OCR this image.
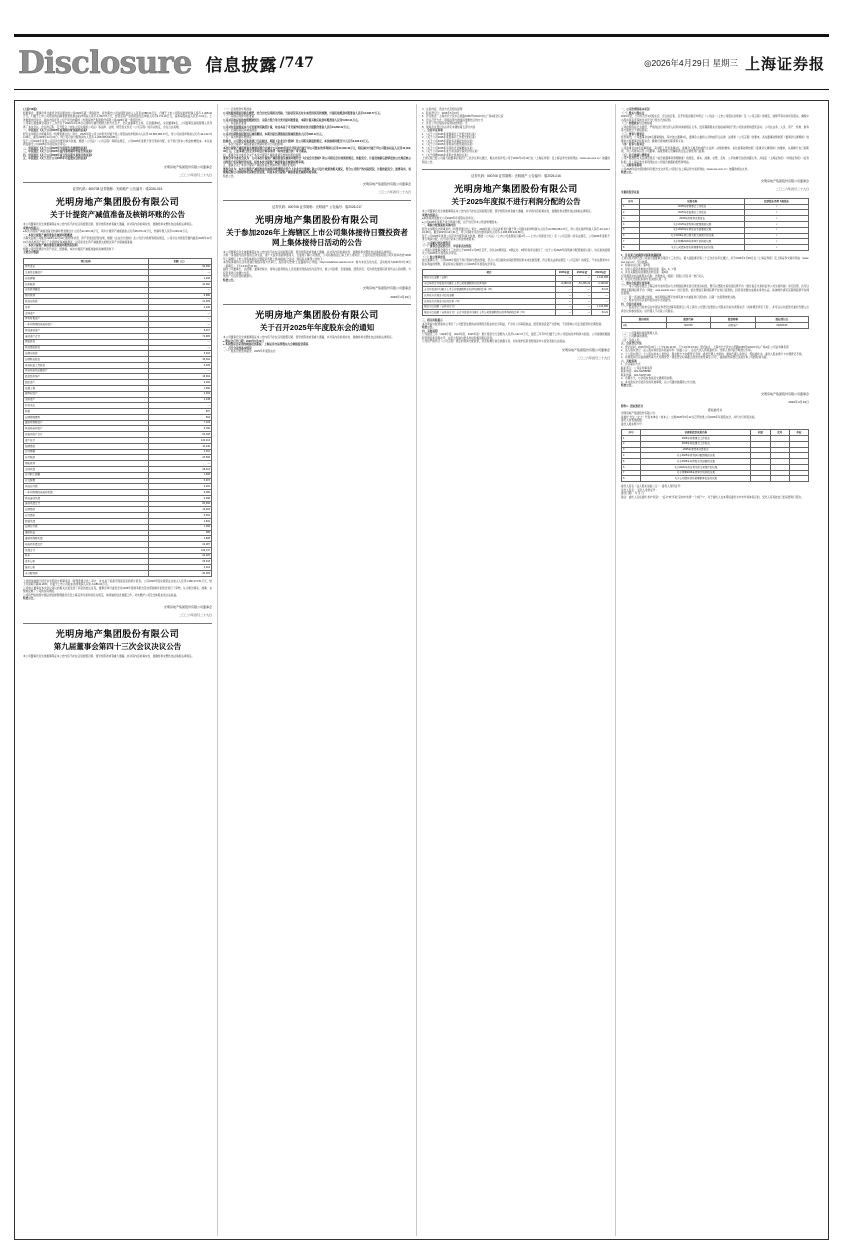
Disclosure 信息披露 /747	◎2026年4月29日 星期三 上海证券报
(上接746版)
经董事会、董事会审计委员会审议通过的公司2026年第一季度报告，报告期内公司实现营业收入人民币4,088.23万元，归属于上市公司股东的净利润人民币-1,268.42万元，归属于上市公司股东的扣除非经常性损益的净利润人民币-1,352.67万元，经营活动产生的现金流量净额人民币3,771.20万元，基本每股收益人民币-0.01元。上述数据未经审计，具体内容详见公司于同日披露的《光明房地产集团股份有限公司2026年第一季度报告》。
公司第九届董事会第四十三次会议于2026年4月28日以现场与通讯相结合的方式召开，会议由董事长主持，应到董事9名，实到董事9名，公司监事及高级管理人员列席了本次会议。会议的召集、召开符合《中华人民共和国公司法》等法律、法规、规范性文件及《公司章程》的有关规定，会议合法有效。
一、审议通过《关于公司2025年度利润分配预案的议案》
经安永华明会计师事务所（特殊普通合伙）审计，2025年度公司合并报表归属于母公司股东的净利润为人民币-62,860,384.37元，母公司实现净利润人民币-32,132,724.28元，截至2025年12月31日，母公司可供分配利润为人民币-1,208,305,944.86元。
鉴于公司2025年度母公司可供分配利润为负数，根据《公司法》《公司章程》等相关规定，公司2025年度拟不进行利润分配，也不进行资本公积金转增股本。本议案尚需提交公司2025年年度股东会审议。
二、审议通过《关于公司2025年年度报告及摘要的议案》
三、审议通过《关于公司2025年度内部控制评价报告的议案》
四、审议通过《关于公司2026年度日常关联交易预计的议案》
五、审议通过《关于召开公司2025年年度股东会的议案》
光明房地产集团股份有限公司董事会
二〇二六年四月二十九日
证券代码：600708 证券简称：光明地产 公告编号：临2026-015
光明房地产集团股份有限公司
关于计提资产减值准备及核销坏账的公告
本公司董事会及全体董事保证本公告内容不存在任何虚假记载、误导性陈述或者重大遗漏，并对其内容的真实性、准确性和完整性依法承担法律责任。
重要内容提示：
●本次计提资产减值准备及核销坏账金额合计人民币42,309.46万元，其中计提资产减值准备人民币38,970.22万元，核销坏账人民币3,339.24万元。
一、本次计提资产减值准备及核销坏账概述
为真实反映公司截至2025年12月31日的财务状况、资产价值及经营成果，根据《企业会计准则》及公司会计政策等相关规定，公司对合并报表范围内截至2025年12月31日的各类资产进行了全面清查和减值测试，对可能发生资产减值损失的相关资产计提减值准备。
二、本次计提资产减值准备及核销坏账情况说明
根据公司经营情况与资产状况，经测算，本次计提资产减值准备的具体情况如下：
主要会计数据
项目名称	金额（元）
货币资金	62,450
交易性金融资产	—
应收票据	1,208
应收账款	44,063
应收款项融资	—
预付款项	6,890
其他应收款	21,455
存货	4,230
合同资产	—
持有待售资产	—
一年内到期的非流动资产	—
其他流动资产	8,017
流动资产合计	71,905
债权投资	—
其他债权投资	—
长期应收款	5,018
长期股权投资	45,610
其他权益工具投资	3,206
其他非流动金融资产	—
投资性房地产	16,904
固定资产	9,002
在建工程	1,660
使用权资产	2,015
无形资产	1,138
开发支出	—
商誉	607
长期待摊费用	803
递延所得税资产	7,102
其他非流动资产	5,160
非流动资产合计	62,308
资产总计	134,213
短期借款	10,440
应付票据	3,012
应付账款	20,506
预收款项	—
合同负债	28,613
应付职工薪酬	1,806
应交税费	3,007
其他应付款	6,202
一年内到期的非流动负债	9,066
其他流动负债	2,008
流动负债合计	84,660
长期借款	12,003
应付债券	5,004
租赁负债	1,832
长期应付款	1,060
递延收益	380
递延所得税负债	1,808
非流动负债合计	22,087
负债合计	106,747
股本	22,322
资本公积	25,418
盈余公积	6,013
未分配利润	-30,383
上述财务数据已经安永华明会计师事务所（特殊普通合伙）审计，并出具了标准无保留意见的审计报告。公司2025年度实现营业总收入人民币1,380,172.51万元，较上年同期下降11.26%；归属于上市公司股东的净利润人民币-6,286.04万元。
公司独立董事对本次会议审议的相关议案发表了同意的独立意见，董事会审计委员会对2025年度财务报告及内部控制评价报告进行了审核，认为报告真实、准确、完整地反映了公司的实际情况。
公司将严格按照中国证券监督管理委员会及上海证券交易所的有关规定，持续做好信息披露工作，切实维护公司及全体股东的合法权益。
特此公告。
光明房地产集团股份有限公司董事会
二〇二六年四月二十九日
光明房地产集团股份有限公司
第九届董事会第四十三次会议决议公告
本公司董事会及全体董事保证本公告内容不存在任何虚假记载、误导性陈述或者重大遗漏，并对其内容的真实性、准确性和完整性依法承担法律责任。
（一）应收账款坏账准备
公司按照预期信用损失模型，结合历史信用损失经验、当前状况以及对未来经济状况的预测，计提应收账款坏账准备人民币13,208.77万元。
（二）其他应收款坏账准备
公司对其他应收款按照账龄组合、关联方组合等分类计提坏账准备，本期计提其他应收款坏账准备人民币5,602.31万元。
（三）存货跌价准备
公司对存货按照成本与可变现净值孰低计量，对成本高于可变现净值的存货计提跌价准备人民币19,860.02万元。
（四）长期股权投资减值准备
公司对长期股权投资进行减值测试，本期计提长期股权投资减值准备人民币298.12万元。
（五）本次核销坏账情况
经核查，公司部分应收款项已无法收回，根据《企业会计准则》及公司相关制度的规定，本次核销坏账合计人民币3,339.24万元。
三、本次计提资产减值准备及核销坏账对公司的影响
本次计提资产减值准备及核销坏账合计减少公司2025年度合并报表归属于母公司股东的净利润人民币42,309.46万元，相应减少归属于母公司股东权益人民币42,309.46万元。上述事项已经安永华明会计师事务所（特殊普通合伙）审计确认。
四、董事会审计委员会关于本次计提资产减值准备及核销坏账的说明
董事会审计委员会认为：公司本次计提资产减值准备及核销坏账符合《企业会计准则》和公司相关会计政策的规定，依据充分，计提及核销后能够更加公允地反映公司的资产状况和经营成果，同意本次计提资产减值准备及核销坏账事项。
五、董事会关于本次计提资产减值准备及核销坏账合理性的说明
董事会认为：本次计提资产减值准备及核销坏账遵照并符合《企业会计准则》和公司会计政策的相关规定，符合公司资产的实际情况，计提依据充分，能够真实、客观地反映公司的财务状况和经营成果，同意本次计提资产减值准备及核销坏账事项。
特此公告。
光明房地产集团股份有限公司董事会
二〇二六年四月二十九日
证券代码：600708 证券简称：光明地产 公告编号：临2026-017
光明房地产集团股份有限公司
关于参加2026年上海辖区上市公司集体接待日暨投资者网上集体接待日活动的公告
本公司董事会及全体董事保证本公告内容不存在任何虚假记载、误导性陈述或者重大遗漏，并对其内容的真实性、准确性和完整性依法承担法律责任。
为进一步加强与投资者的互动交流，使广大投资者能够更深入、全面地了解公司情况，公司将参加由上海上市公司协会、上证所信息网络有限公司共同举办的"2026年上海辖区上市公司集体接待日暨投资者网上集体接待日"活动，现将有关事项公告如下：
本次集体接待日活动将通过网络远程方式举行，投资者可登录"上证路演中心"网站（http://roadshow.sseinfo.com/）参与本次互动交流，活动时间为2026年5月15日（星期五）下午13:30至16:30。
届时公司董事长、总经理、董事会秘书、财务总监等相关人员将通过网络在线交流形式，就公司治理、发展战略、经营状况、可持续发展等投资者所关心的问题，与投资者进行沟通与交流。
欢迎广大投资者积极参与。
特此公告。
光明房地产集团股份有限公司董事会
2026年4月29日
光明房地产集团股份有限公司
关于召开2025年年度股东会的通知
本公司董事会及全体董事保证本公告内容不存在任何虚假记载、误导性陈述或者重大遗漏，并对其内容的真实性、准确性和完整性依法承担法律责任。
● 股东会召开日期：2026年5月22日
● 本次股东会采用的网络投票系统：上海证券交易所股东大会网络投票系统
一、召开会议的基本情况
（一）股东会类型和届次：2025年年度股东会
3、议案内容、表决方式及相关说明
4、股权登记日：2026年5月15日
5、会议地点：上海市长宁区中山西路1065号SOHO中山广场A座会议室
6、会议召开方式：现场投票与网络投票相结合的方式
7、涉及公开征集股东投票权的情况：无
8、现场会议登记办法详见本通知第五部分内容
二、会议审议事项
1、《关于公司2025年度董事会工作报告的议案》
2、《关于公司2025年度监事会工作报告的议案》
3、《关于公司2025年度财务决算报告的议案》
4、《关于公司2025年度利润分配预案的议案》
5、《关于公司2025年年度报告及摘要的议案》
6、《关于公司2026年度日常关联交易预计的议案》
7、《关于续聘2026年度审计机构的议案》
上述议案已经公司第九届董事会第四十三次会议审议通过，相关内容详见公司于2026年4月29日在《上海证券报》及上海证券交易所网站（www.sse.com.cn）披露的相关公告。
证券代码：600708 证券简称：光明地产 公告编号：临2026-016
光明房地产集团股份有限公司
关于2025年度拟不进行利润分配的公告
本公司董事会及全体董事保证本公告内容不存在任何虚假记载、误导性陈述或者重大遗漏，并对其内容的真实性、准确性和完整性依法承担法律责任。
重要内容提示：
●本预案尚需提交公司2025年年度股东会审议。
●公司2025年度拟不进行利润分配，也不进行资本公积金转增股本。
一、利润分配预案的具体内容
经安永华明会计师事务所（特殊普通合伙）审计，2025年度公司合并报表归属于母公司股东的净利润为人民币-62,860,384.37元，母公司实现净利润人民币-32,132,724.28元。截至2025年12月31日，母公司期末可供分配利润为人民币-1,208,305,944.86元。
鉴于公司2025年度母公司可供分配利润为负数，根据《公司法》《上市公司监管指引第3号——上市公司现金分红》及《公司章程》的有关规定，公司2025年度拟不进行利润分配，也不进行资本公积金转增股本。
二、公司履行的决策程序
（一）董事会会议的召开、审议和表决情况
公司第九届董事会第四十三次会议于2026年4月28日召开，会议以9票同意、0票反对、0票弃权审议通过了《关于公司2025年度利润分配预案的议案》，该议案尚需提交公司2025年年度股东会审议。
（二）独立董事意见
独立董事认为，公司2025年度拟不进行利润分配的预案，符合公司目前的实际经营情况和未来发展需要，符合相关法律法规及《公司章程》的规定，不存在损害中小股东利益的情形，同意将该议案提交公司2025年年度股东会审议。
项目	2025年度	2024年度	2023年度
现金分红金额（含税）	—	—	1,142,365
分红年度合并报表中归属于上市公司普通股股东的净利润	-6,286.04	-51,306.22	2,106.80
占合并报表中归属于上市公司普通股股东的净利润的比率（%）	—	—	54.22
以其他方式现金分红的金额	—	—	—
以其他方式现金分红的比率（%）	—	—	—
现金分红总额（含其他方式）	—	—	1,142,365
现金分红总额（含其他方式）占合并报表中归属于上市公司普通股股东的净利润的比率（%）	—	—	54.22
三、相关风险提示
本次利润分配预案综合考虑了公司经营发展的实际情况及股东的长远利益，不会对公司每股收益、经营现金流量产生影响，不会影响公司正常经营和长期发展。
特此公告。
四、其他说明
公司最近三年（2023年度、2024年度、2025年度）累计现金分红金额为人民币1,142.37万元，最近三年年均归属于上市公司股东的净利润为负值。公司将继续根据经营情况和盈利水平，在符合利润分配条件时积极回报投资者。
公司将严格执行《公司章程》规定的利润分配政策，并及时履行信息披露义务，切实保护投资者特别是中小投资者的合法权益。
光明房地产集团股份有限公司董事会
二〇二六年四月二十九日
一、公司治理的基本状况
（一）股东与股东会
2025年度，公司共召开2次股东会，会议的召集、召开和表决程序均符合《公司法》《上市公司股东会规则》及《公司章程》的规定，能够平等对待所有股东，确保中小股东享有平等地位并充分行使自己的权利。
（二）控股股东与上市公司
公司控股股东行为规范，严格依法行使出资人权利并承担相应义务，没有超越股东会直接或间接干预公司的决策和经营活动。公司在业务、人员、资产、机构、财务等方面独立于控股股东。
（三）董事与董事会
报告期内，公司董事会由9名董事组成，其中独立董事3名，董事会人数和人员构成符合法律、法规和《公司章程》的要求。各位董事能够依照《董事会议事规则》的要求出席董事会和股东会，勤勉尽责地履行职责和义务。
（四）监事与监事会
公司监事会由3名监事组成，其中职工代表监事1名，监事会人数及构成符合法律、法规的要求。各位监事能够按照《监事会议事规则》的要求，认真履行自己的职责，对公司财务以及公司董事、高级管理人员履职的合法合规性进行监督。
（五）信息披露与透明度
公司严格按照有关法律法规及《信息披露事务管理制度》的规定，真实、准确、完整、及时、公平地履行信息披露义务，并指定《上海证券报》《中国证券报》《证券时报》及上海证券交易所网站为公司信息披露的报纸和网站。
二、其他事项说明
公司2025年度内部控制评价报告全文详见公司同日在上海证券交易所网站（www.sse.com.cn）披露的相关文件。
特此公告。
光明房地产集团股份有限公司董事会
二〇二六年四月二十九日
非累积投票议案
序号	议案名称	投票股东类型 A股股东
1	2025年度董事会工作报告	√
2	2025年度监事会工作报告	√
3	2025年度财务决算报告	√
4	关于2025年度利润分配预案的议案	√
5	关于2025年年度报告及摘要的议案	√
6	关于2026年度日常关联交易预计的议案	√
7	关于续聘2026年度审计机构的议案	√
8	关于公司债券受托管理事务报告的议案	√
1、各议案已披露的时间和披露媒体
上述议案1至8已经公司第九届董事会第四十三次会议、第九届监事会第二十五次会议审议通过，并于2026年4月29日在《上海证券报》及上海证券交易所网站（www.sse.com.cn）予以披露。
2、特别决议议案：第7项
3、对中小投资者单独计票的议案：第4、6、7项
4、涉及关联股东回避表决的议案：第6项
应回避表决的关联股东名称：光明食品（集团）有限公司及其一致行动人
5、涉及优先股股东参与表决的议案：无
三、股东会投票注意事项
（一）本公司股东通过上海证券交易所股东大会网络投票系统行使表决权的，既可以登陆交易系统投票平台（通过指定交易的证券公司交易终端）进行投票，也可以登陆互联网投票平台（网址：vote.sseinfo.com）进行投票。首次登陆互联网投票平台进行投票的，投资者需要完成股东身份认证。具体操作请见互联网投票平台网站说明。
（二）同一表决权通过现场、本所网络投票平台或其他方式重复进行表决的，以第一次投票结果为准。
（三）股东对所有议案均表决完毕才能提交。
四、会议出席对象
（一）股权登记日收市后在中国证券登记结算有限责任公司上海分公司登记在册的公司股东有权出席股东会（具体情况详见下表），并可以以书面形式委托代理人出席会议和参加表决。该代理人不必是公司股东。
股份类别	股票代码	股票简称	股权登记日
A股	600708	光明地产	2026/5/15
（二）公司董事和高级管理人员。
（三）公司聘请的律师。
（四）其他人员。
五、会议登记方法
1、登记时间：2026年5月20日（上午9:00-11:00，下午13:30-16:30）登记地点：上海市长宁区中山西路1065号SOHO中山广场A座 公司证券事务部
2、法人股东登记：法人股东持营业执照复印件（加盖公章）、法定代表人授权委托书、出席人身份证办理登记手续。
3、个人股东登记：个人股东持本人身份证、股东账户卡办理登记手续；委托代理人出席的，须持代理人身份证、授权委托书、委托人股东账户卡办理登记手续。
4、异地股东可以信函或传真方式办理登记（须在登记时间截止前送达或传真至公司），信函或传真登记以抵达本公司的时间为准。
六、其他事项
1、会议联系方式
联系部门：公司证券事务部
联系电话：021-62258888
联系传真：021-62257100
2、会期半天，与会股东食宿及交通费用自理。
3、本次股东会可能涉及的其他事项，以公司届时披露的公告为准。
特此公告。
光明房地产集团股份有限公司董事会
2026年4月29日
附件1：授权委托书
授权委托书
光明房地产集团股份有限公司：
兹委托 先生（女士）代表本单位（或本人）出席2026年5月22日召开的贵公司2025年年度股东会，并代为行使表决权。
委托人持普通股数：
委托人股东账户号：
序号	非累积投票议案名称	同意	反对	弃权
1	2025年度董事会工作报告			
2	2025年度监事会工作报告			
3	2025年度财务决算报告			
4	关于2025年度利润分配预案的议案			
5	关于2025年年度报告及摘要的议案			
6	关于2026年度日常关联交易预计的议案			
7	关于续聘2026年度审计机构的议案			
8	关于公司债券受托管理事务报告的议案			
委托人签名（法人股东加盖公章）： 委托人身份证号：
受托人签名： 受托人身份证号：
委托日期： 年 月 日
备注：委托人应在委托书中"同意"、"反对"或"弃权"意向中选择一个并打"√"，对于委托人在本授权委托书中未作具体指示的，受托人有权按自己的意愿进行表决。
